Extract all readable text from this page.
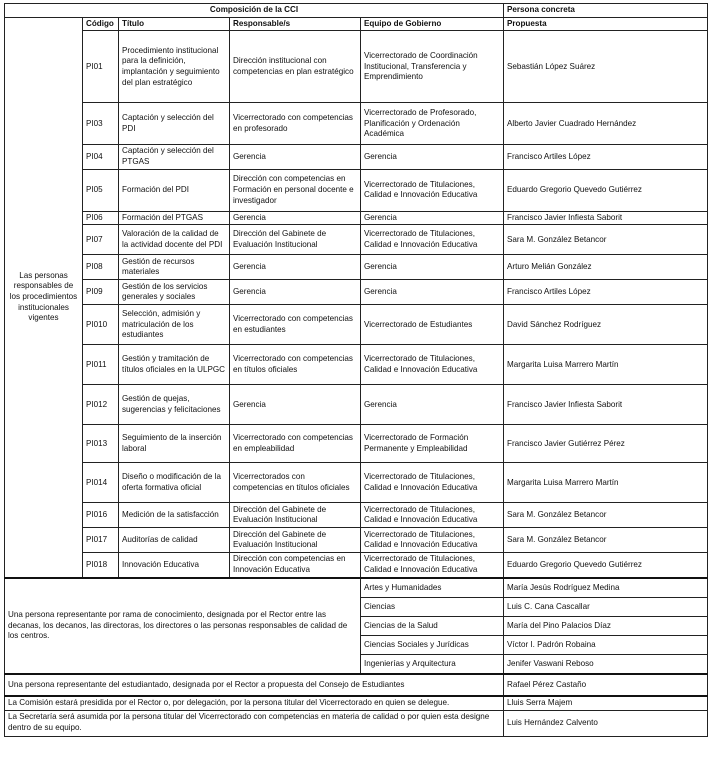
Composición de la CCI					Persona concreta
Las personas responsables de los procedimientos institucionales vigentes	Código	Título	Responsable/s	Equipo de Gobierno	Propuesta
	PI01	Procedimiento institucional para la definición, implantación y seguimiento del plan estratégico	Dirección institucional con competencias en plan estratégico	Vicerrectorado de Coordinación Institucional, Transferencia y Emprendimiento	Sebastián López Suárez
	PI03	Captación y selección del PDI	Vicerrectorado con competencias en profesorado	Vicerrectorado de Profesorado, Planificación y Ordenación Académica	Alberto Javier Cuadrado Hernández
	PI04	Captación y selección del PTGAS	Gerencia	Gerencia	Francisco Artiles López
	PI05	Formación del PDI	Dirección con competencias en Formación en personal docente e investigador	Vicerrectorado de Titulaciones, Calidad e Innovación Educativa	Eduardo Gregorio Quevedo Gutiérrez
	PI06	Formación del PTGAS	Gerencia	Gerencia	Francisco Javier Infiesta Saborit
	PI07	Valoración de la calidad de la actividad docente del PDI	Dirección del Gabinete de Evaluación Institucional	Vicerrectorado de Titulaciones, Calidad e Innovación Educativa	Sara M. González Betancor
	PI08	Gestión de recursos materiales	Gerencia	Gerencia	Arturo Melián González
	PI09	Gestión de los servicios generales y sociales	Gerencia	Gerencia	Francisco Artiles López
	PI010	Selección, admisión y matriculación de los estudiantes	Vicerrectorado con competencias en estudiantes	Vicerrectorado de Estudiantes	David Sánchez Rodríguez
	PI011	Gestión y tramitación de títulos oficiales en la ULPGC	Vicerrectorado con competencias en títulos oficiales	Vicerrectorado de Titulaciones, Calidad e Innovación Educativa	Margarita Luisa Marrero Martín
	PI012	Gestión de quejas, sugerencias y felicitaciones	Gerencia	Gerencia	Francisco Javier Infiesta Saborit
	PI013	Seguimiento de la inserción laboral	Vicerrectorado con competencias en empleabilidad	Vicerrectorado de Formación Permanente y Empleabilidad	Francisco Javier Gutiérrez Pérez
	PI014	Diseño o modificación de la oferta formativa oficial	Vicerrectorados con competencias en títulos oficiales	Vicerrectorado de Titulaciones, Calidad e Innovación Educativa	Margarita Luisa Marrero Martín
	PI016	Medición de la satisfacción	Dirección del Gabinete de Evaluación Institucional	Vicerrectorado de Titulaciones, Calidad e Innovación Educativa	Sara M. González Betancor
	PI017	Auditorías de calidad	Dirección del Gabinete de Evaluación Institucional	Vicerrectorado de Titulaciones, Calidad e Innovación Educativa	Sara M. González Betancor
	PI018	Innovación Educativa	Dirección con competencias en Innovación Educativa	Vicerrectorado de Titulaciones, Calidad e Innovación Educativa	Eduardo Gregorio Quevedo Gutiérrez
Una persona representante por rama de conocimiento, designada por el Rector entre las decanas, los decanos, las directoras, los directores o las personas responsables de calidad de los centros.				Artes y Humanidades	María Jesús Rodríguez Medina
				Ciencias	Luis C. Cana Cascallar
				Ciencias de la Salud	María del Pino Palacios Díaz
				Ciencias Sociales y Jurídicas	Víctor I. Padrón Robaina
				Ingenierías y Arquitectura	Jenifer Vaswani Reboso
Una persona representante del estudiantado, designada por el Rector a propuesta del Consejo de Estudiantes					Rafael Pérez Castaño
La Comisión estará presidida por el Rector o, por delegación, por la persona titular del Vicerrectorado en quien se delegue.					Lluis Serra Majem
La Secretaría será asumida por la persona titular del Vicerrectorado con competencias en materia de calidad o por quien esta designe dentro de su equipo.					Luis Hernández Calvento
